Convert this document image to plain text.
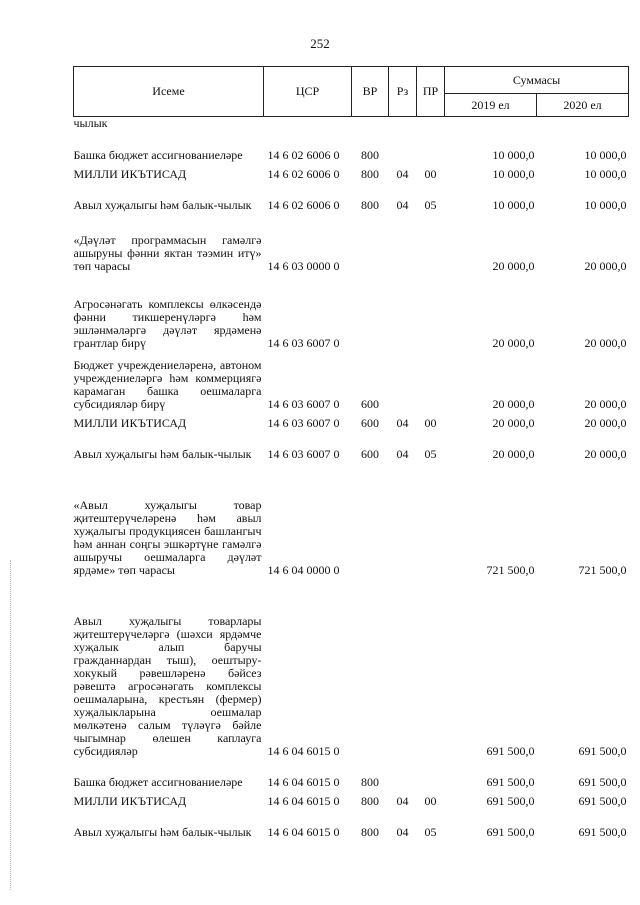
252
Исеме	ЦСР	ВР	Рз	ПР	Суммасы	
					2019 ел	2020 ел
чылык						
Башка бюджет ассигнованиеләре	14 6 02 6006 0	800			10 000,0	10 000,0
МИЛЛИ ИКЪТИСАД	14 6 02 6006 0	800	04	00	10 000,0	10 000,0
Авыл хуҗалыгы һәм балык-чылык	14 6 02 6006 0	800	04	05	10 000,0	10 000,0
«Дәүләт программасын гамәлгә ашыруны фәнни яктан тәэмин итү» төп чарасы	14 6 03 0000 0				20 000,0	20 000,0
Агросәнәгать комплексы өлкәсендә фәнни тикшеренүләргә һәм эшләнмәләргә дәүләт ярдәменә грантлар бирү	14 6 03 6007 0				20 000,0	20 000,0
Бюджет учреждениеләренә, автоном учреждениеләргә һәм коммерциягә карамаган башка оешмаларга субсидияләр бирү	14 6 03 6007 0	600			20 000,0	20 000,0
МИЛЛИ ИКЪТИСАД	14 6 03 6007 0	600	04	00	20 000,0	20 000,0
Авыл хуҗалыгы һәм балык-чылык	14 6 03 6007 0	600	04	05	20 000,0	20 000,0
«Авыл хуҗалыгы товар җитештерүчеләренә һәм авыл хуҗалыгы продукциясен башлангыч һәм аннан соңгы эшкәртүне гамәлгә ашыручы оешмаларга дәүләт ярдәме» төп чарасы	14 6 04 0000 0				721 500,0	721 500,0
Авыл хуҗалыгы товарлары җитештерүчеләргә (шәхси ярдәмче хуҗалык алып баручы гражданнардан тыш), оештыру-хокукый рәвешләренә бәйсез рәвештә агросәнәгать комплексы оешмаларына, крестьян (фермер) хуҗалыкларына оешмалар мөлкәтенә салым түләүгә бәйле чыгымнар өлешен каплауга субсидияләр	14 6 04 6015 0				691 500,0	691 500,0
Башка бюджет ассигнованиеләре	14 6 04 6015 0	800			691 500,0	691 500,0
МИЛЛИ ИКЪТИСАД	14 6 04 6015 0	800	04	00	691 500,0	691 500,0
Авыл хуҗалыгы һәм балык-чылык	14 6 04 6015 0	800	04	05	691 500,0	691 500,0
